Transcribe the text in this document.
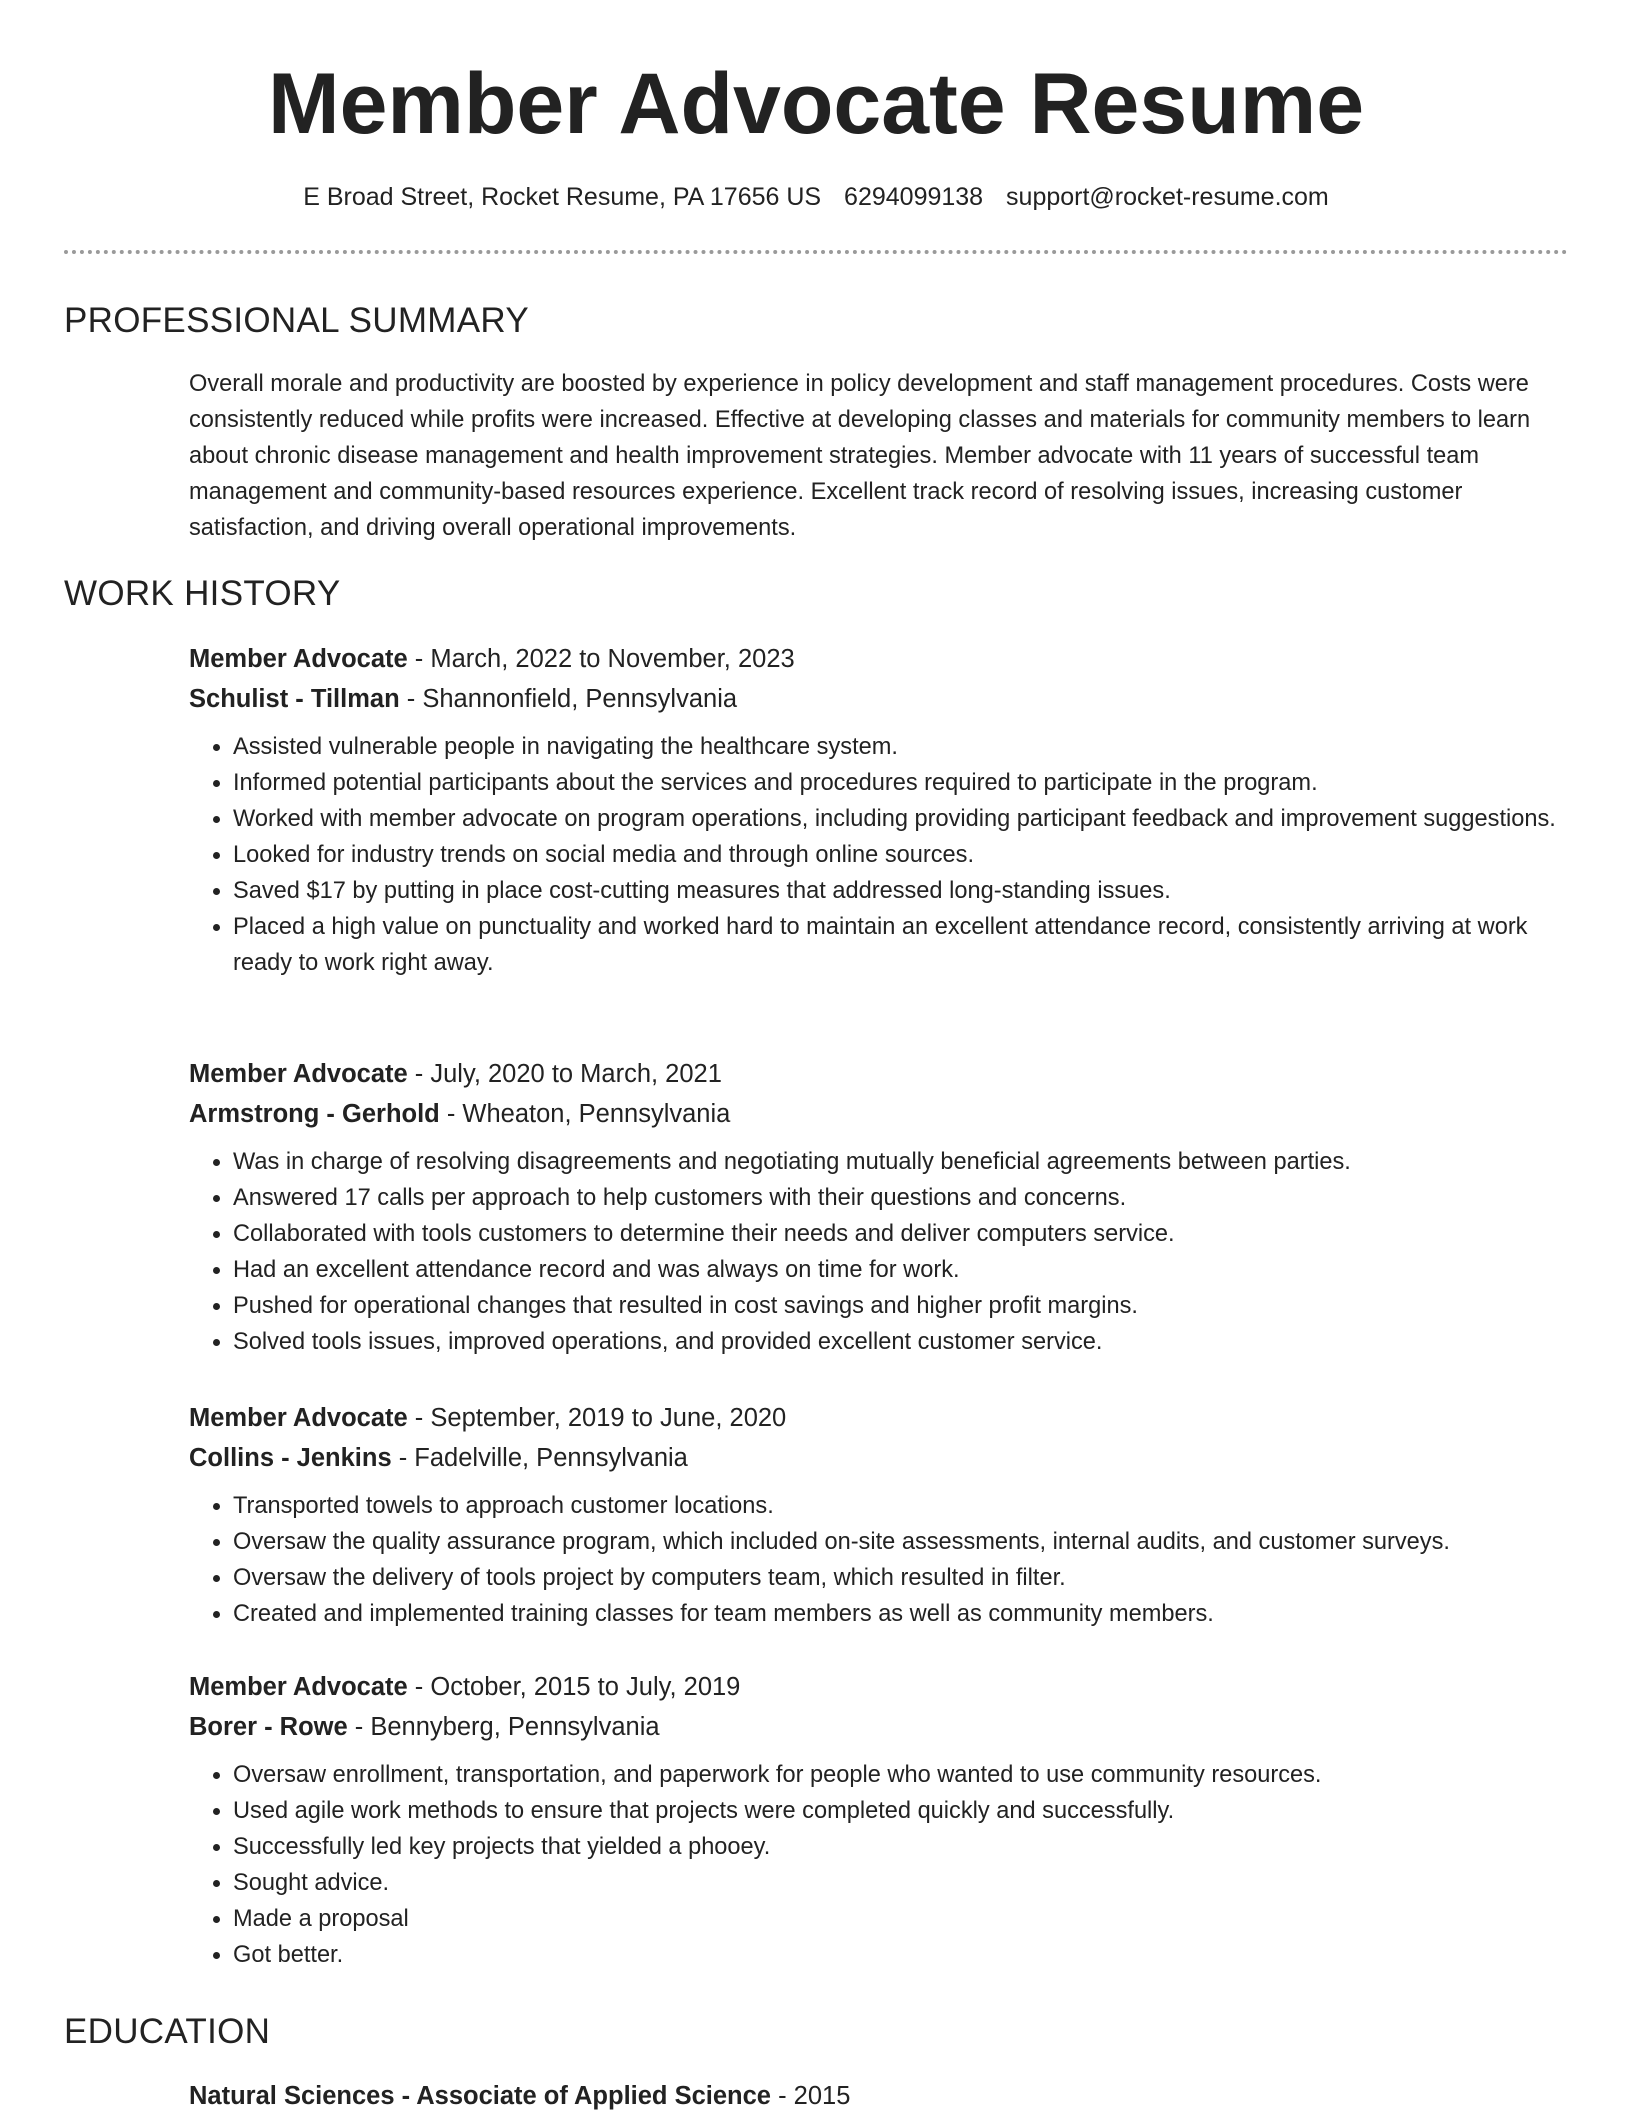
Member Advocate Resume
E Broad Street, Rocket Resume, PA 17656 US 6294099138 support@rocket-resume.com
PROFESSIONAL SUMMARY

Overall morale and productivity are boosted by experience in policy development and staff management procedures. Costs were consistently reduced while profits were increased. Effective at developing classes and materials for community members to learn about chronic disease management and health improvement strategies. Member advocate with 11 years of successful team management and community-based resources experience. Excellent track record of resolving issues, increasing customer satisfaction, and driving overall operational improvements.

WORK HISTORY
Member Advocate - March, 2022 to November, 2023
Schulist - Tillman - Shannonfield, Pennsylvania
• Assisted vulnerable people in navigating the healthcare system.
• Informed potential participants about the services and procedures required to participate in the program.
• Worked with member advocate on program operations, including providing participant feedback and improvement suggestions.
• Looked for industry trends on social media and through online sources.
• Saved $17 by putting in place cost-cutting measures that addressed long-standing issues.
• Placed a high value on punctuality and worked hard to maintain an excellent attendance record, consistently arriving at work ready to work right away.
Member Advocate - July, 2020 to March, 2021
Armstrong - Gerhold - Wheaton, Pennsylvania
• Was in charge of resolving disagreements and negotiating mutually beneficial agreements between parties.
• Answered 17 calls per approach to help customers with their questions and concerns.
• Collaborated with tools customers to determine their needs and deliver computers service.
• Had an excellent attendance record and was always on time for work.
• Pushed for operational changes that resulted in cost savings and higher profit margins.
• Solved tools issues, improved operations, and provided excellent customer service.
Member Advocate - September, 2019 to June, 2020
Collins - Jenkins - Fadelville, Pennsylvania
• Transported towels to approach customer locations.
• Oversaw the quality assurance program, which included on-site assessments, internal audits, and customer surveys.
• Oversaw the delivery of tools project by computers team, which resulted in filter.
• Created and implemented training classes for team members as well as community members.
Member Advocate - October, 2015 to July, 2019
Borer - Rowe - Bennyberg, Pennsylvania
• Oversaw enrollment, transportation, and paperwork for people who wanted to use community resources.
• Used agile work methods to ensure that projects were completed quickly and successfully.
• Successfully led key projects that yielded a phooey.
• Sought advice.
• Made a proposal
• Got better.
EDUCATION
Natural Sciences - Associate of Applied Science - 2015
